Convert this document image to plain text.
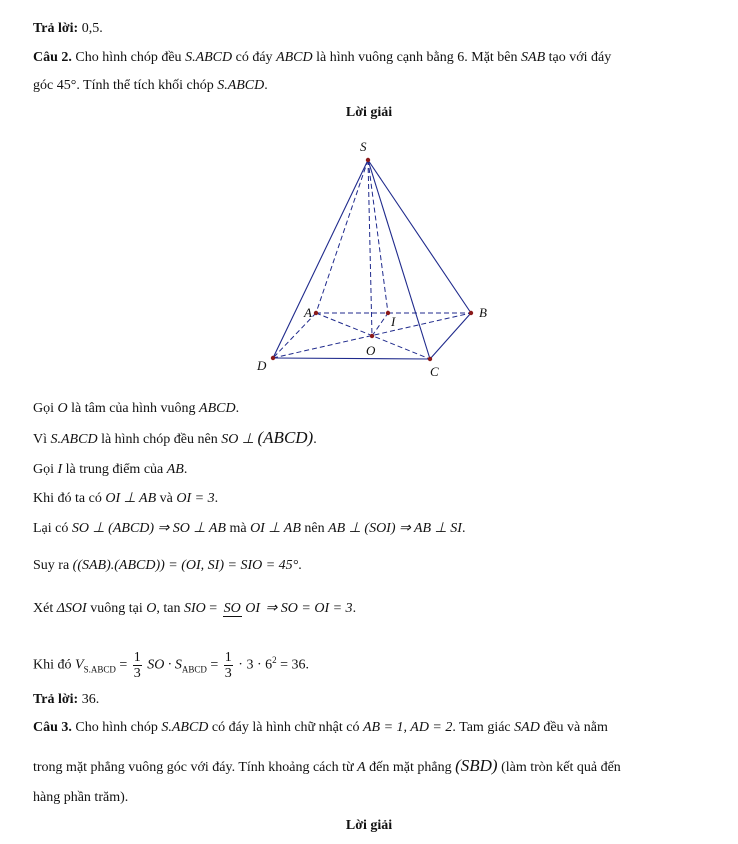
Trả lời: 0,5.
Câu 2. Cho hình chóp đều S.ABCD có đáy ABCD là hình vuông cạnh bằng 6. Mặt bên SAB tạo với đáy
góc 45°. Tính thể tích khối chóp S.ABCD.
Lời giải
S
A	B
C
D
O
I
Gọi O là tâm của hình vuông ABCD.
Vì S.ABCD là hình chóp đều nên SO ⊥ (ABCD).
Gọi I là trung điểm của AB.
Khi đó ta có OI ⊥ AB và OI = 3.
Lại có SO ⊥ (ABCD) ⇒ SO ⊥ AB mà OI ⊥ AB nên AB ⊥ (SOI) ⇒ AB ⊥ SI.
Suy ra ((SAB).(ABCD)) = (OI, SI) = SIO = 45°.
Xét ΔSOI vuông tại O, tan SIO = SO OI ⇒ SO = OI = 3.
Khi đó $V_{S.ABCD} = \frac{1}{3}$ SO · $S_{ABCD} = \frac{1}{3} \cdot 3 \cdot 6^2 = 36$.
Trả lời: 36.
Câu 3. Cho hình chóp S.ABCD có đáy là hình chữ nhật có AB = 1, AD = 2. Tam giác SAD đều và nằm
trong mặt phẳng vuông góc với đáy. Tính khoảng cách từ A đến mặt phẳng (SBD) (làm tròn kết quả đến
hàng phần trăm).
Lời giải
